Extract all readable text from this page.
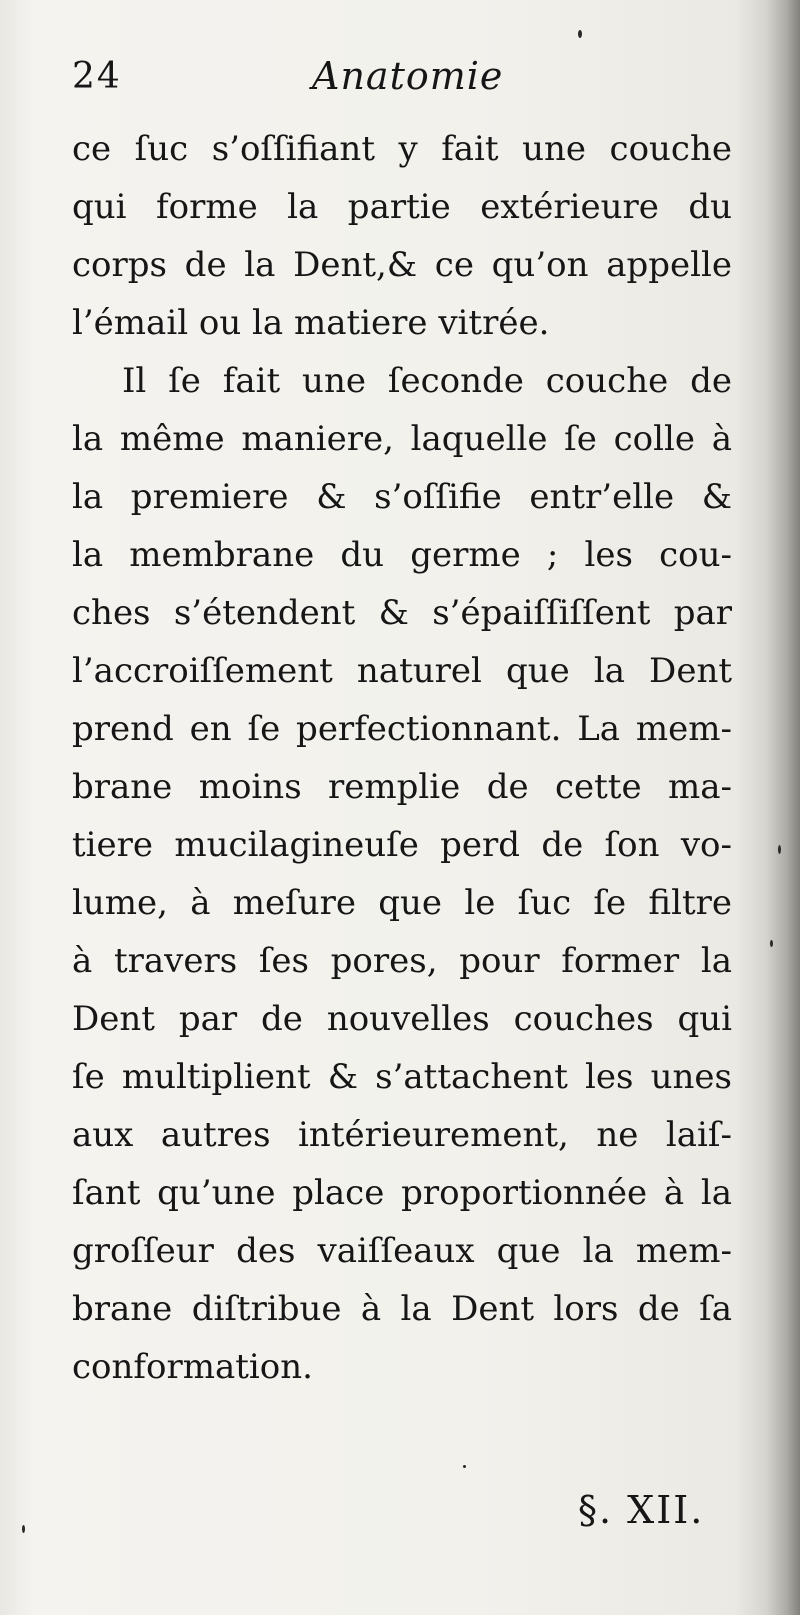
24	Anatomie
ce ſuc s’oſſifiant y fait une couche
qui forme la partie extérieure du
corps de la Dent,& ce qu’on appelle
l’émail ou la matiere vitrée.
Il ſe fait une ſeconde couche de
la même maniere, laquelle ſe colle à
la premiere & s’oſſifie entr’elle &
la membrane du germe ; les cou-
ches s’étendent & s’épaiſſiſſent par
l’accroiſſement naturel que la Dent
prend en ſe perfectionnant. La mem-
brane moins remplie de cette ma-
tiere mucilagineuſe perd de ſon vo-
lume, à meſure que le ſuc ſe filtre
à travers ſes pores, pour former la
Dent par de nouvelles couches qui
ſe multiplient & s’attachent les unes
aux autres intérieurement, ne laiſ-
ſant qu’une place proportionnée à la
groſſeur des vaiſſeaux que la mem-
brane diſtribue à la Dent lors de ſa
conformation.
§. XII.
